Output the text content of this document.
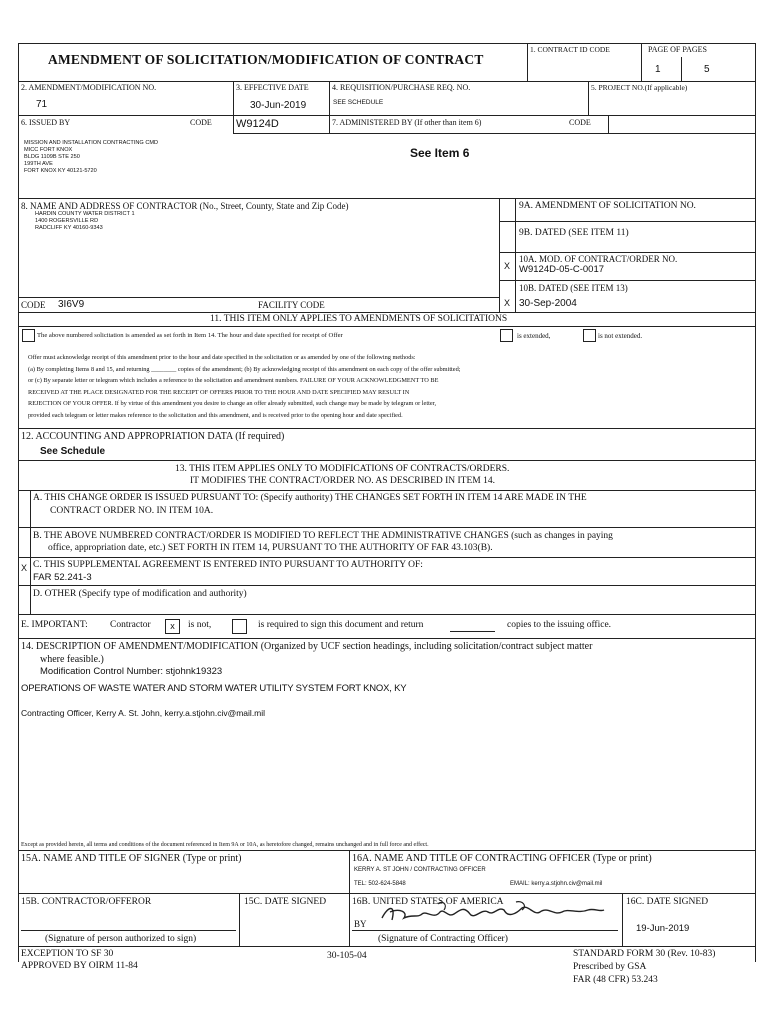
AMENDMENT OF SOLICITATION/MODIFICATION OF CONTRACT
1. CONTRACT ID CODE	PAGE OF PAGES
1	5
2. AMENDMENT/MODIFICATION NO.
71
3. EFFECTIVE DATE
30-Jun-2019
4. REQUISITION/PURCHASE REQ. NO.
SEE SCHEDULE
5. PROJECT NO.(If applicable)
6. ISSUED BY	CODE W9124D
MISSION AND INSTALLATION CONTRACTING CMD
MICC FORT KNOX
BLDG 1109B STE 250
199TH AVE
FORT KNOX KY 40121-5720
7. ADMINISTERED BY (If other than item 6)	CODE
See Item 6
8. NAME AND ADDRESS OF CONTRACTOR (No., Street, County, State and Zip Code)
HARDIN COUNTY WATER DISTRICT 1
1400 ROGERSVILLE RD
RADCLIFF KY 40160-9343
CODE 3I6V9	FACILITY CODE
9A. AMENDMENT OF SOLICITATION NO.
9B. DATED (SEE ITEM 11)
X
10A. MOD. OF CONTRACT/ORDER NO.
W9124D-05-C-0017
10B. DATED (SEE ITEM 13)
X 30-Sep-2004
11. THIS ITEM ONLY APPLIES TO AMENDMENTS OF SOLICITATIONS
The above numbered solicitation is amended as set forth in Item 14. The hour and date specified for receipt of Offer	is extended,	is not extended.
Offer must acknowledge receipt of this amendment prior to the hour and date specified in the solicitation or as amended by one of the following methods:
(a) By completing Items 8 and 15, and returning ________ copies of the amendment; (b) By acknowledging receipt of this amendment on each copy of the offer submitted;
or (c) By separate letter or telegram which includes a reference to the solicitation and amendment numbers. FAILURE OF YOUR ACKNOWLEDGMENT TO BE
RECEIVED AT THE PLACE DESIGNATED FOR THE RECEIPT OF OFFERS PRIOR TO THE HOUR AND DATE SPECIFIED MAY RESULT IN
REJECTION OF YOUR OFFER. If by virtue of this amendment you desire to change an offer already submitted, such change may be made by telegram or letter,
provided each telegram or letter makes reference to the solicitation and this amendment, and is received prior to the opening hour and date specified.
12. ACCOUNTING AND APPROPRIATION DATA (If required)
See Schedule
13. THIS ITEM APPLIES ONLY TO MODIFICATIONS OF CONTRACTS/ORDERS.
IT MODIFIES THE CONTRACT/ORDER NO. AS DESCRIBED IN ITEM 14.
A. THIS CHANGE ORDER IS ISSUED PURSUANT TO: (Specify authority) THE CHANGES SET FORTH IN ITEM 14 ARE MADE IN THE
CONTRACT ORDER NO. IN ITEM 10A.
B. THE ABOVE NUMBERED CONTRACT/ORDER IS MODIFIED TO REFLECT THE ADMINISTRATIVE CHANGES (such as changes in paying
office, appropriation date, etc.) SET FORTH IN ITEM 14, PURSUANT TO THE AUTHORITY OF FAR 43.103(B).
X C. THIS SUPPLEMENTAL AGREEMENT IS ENTERED INTO PURSUANT TO AUTHORITY OF:
FAR 52.241-3
D. OTHER (Specify type of modification and authority)
E. IMPORTANT: Contractor	x	is not,	is required to sign this document and return	copies to the issuing office.
14. DESCRIPTION OF AMENDMENT/MODIFICATION (Organized by UCF section headings, including solicitation/contract subject matter
where feasible.)
Modification Control Number: stjohnk19323
OPERATIONS OF WASTE WATER AND STORM WATER UTILITY SYSTEM FORT KNOX, KY
Contracting Officer, Kerry A. St. John, kerry.a.stjohn.civ@mail.mil
Except as provided herein, all terms and conditions of the document referenced in Item 9A or 10A, as heretofore changed, remains unchanged and in full force and effect.
15A. NAME AND TITLE OF SIGNER (Type or print)	16A. NAME AND TITLE OF CONTRACTING OFFICER (Type or print)
KERRY A. ST JOHN / CONTRACTING OFFICER
TEL: 502-624-5848	EMAIL: kerry.a.stjohn.civ@mail.mil
15B. CONTRACTOR/OFFEROR
(Signature of person authorized to sign)
15C. DATE SIGNED	16B. UNITED STATES OF AMERICA
BY
(Signature of Contracting Officer)
16C. DATE SIGNED
19-Jun-2019
EXCEPTION TO SF 30
APPROVED BY OIRM 11-84
30-105-04	STANDARD FORM 30 (Rev. 10-83)
Prescribed by GSA
FAR (48 CFR) 53.243
